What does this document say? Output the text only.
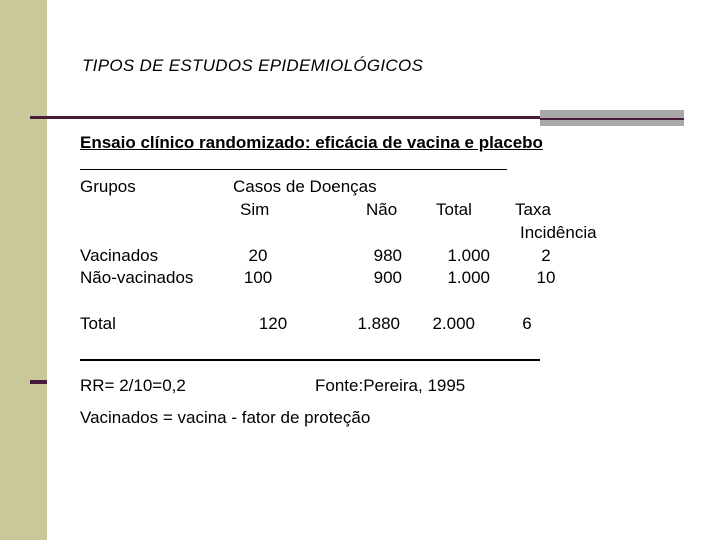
TIPOS DE ESTUDOS EPIDEMIOLÓGICOS
Ensaio clínico randomizado: eficácia de vacina e placebo
Grupos	Casos de Doenças
Sim	Não Total	Taxa
Incidência
Vacinados	20	980	1.000	2
Não-vacinados	100	900	1.000	10
Total	120	1.880	2.000	6
RR= 2/10=0,2	Fonte:Pereira, 1995
Vacinados = vacina - fator de proteção
